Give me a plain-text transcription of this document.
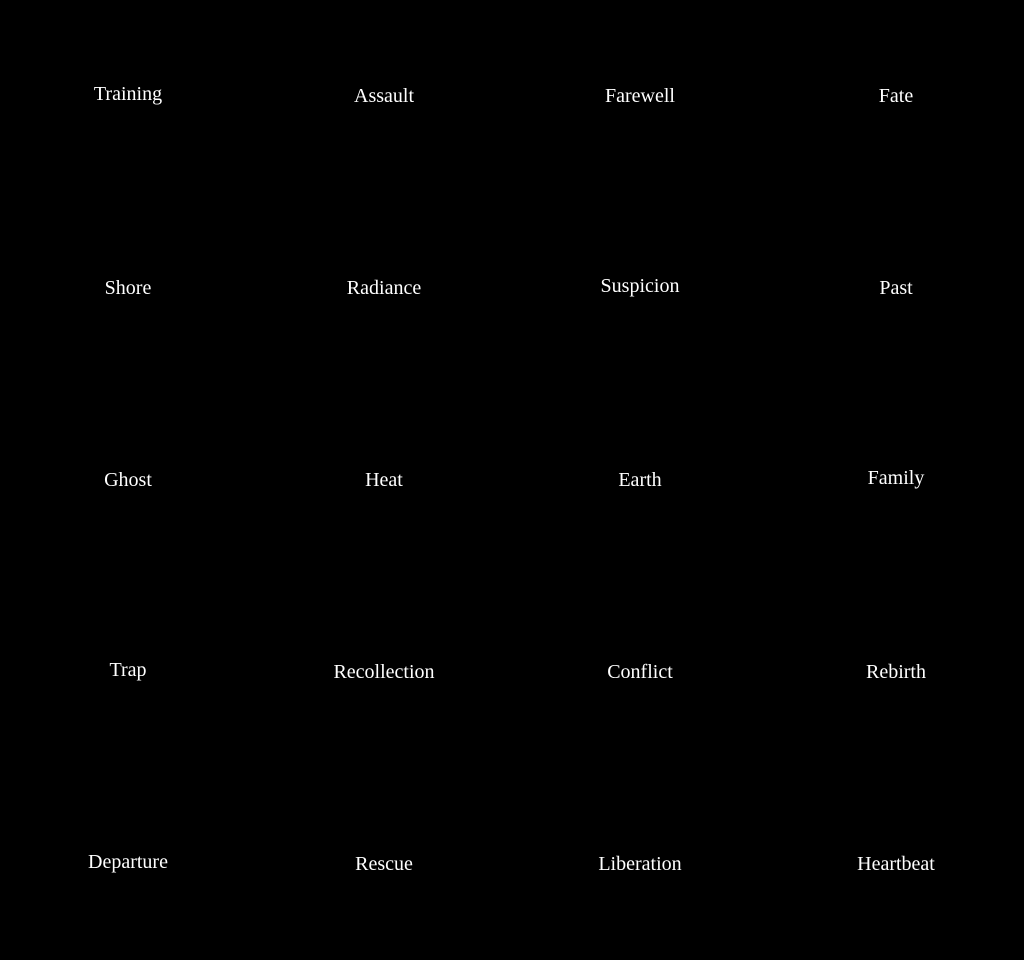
Training	Assault	Farewell	Fate
Shore	Radiance	Suspicion	Past
Ghost	Heat	Earth	Family
Trap	Recollection	Conflict	Rebirth
Departure	Rescue	Liberation	Heartbeat
